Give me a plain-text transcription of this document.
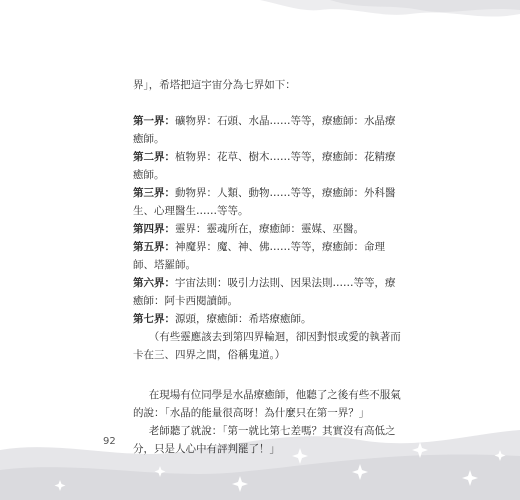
界」，希塔把這宇宙分為七界如下：

第一界：礦物界：石頭、水晶……等等，療癒師：水晶療癒師。

第二界：植物界：花草、樹木……等等，療癒師：花精療癒師。

第三界：動物界：人類、動物……等等，療癒師：外科醫生、心理醫生……等等。

第四界：靈界：靈魂所在，療癒師：靈媒、巫醫。

第五界：神魔界：魔、神、佛……等等，療癒師：命理師、塔羅師。

第六界：宇宙法則：吸引力法則、因果法則……等等，療癒師：阿卡西閱讀師。

第七界：源頭，療癒師：希塔療癒師。

（有些靈應該去到第四界輪迴，卻因對恨或愛的執著而卡在三、四界之間，俗稱鬼道。）

在現場有位同學是水晶療癒師，他聽了之後有些不服氣的說：「水晶的能量很高呀！為什麼只在第一界？」

老師聽了就說：「第一就比第七差嗎？其實沒有高低之分，只是人心中有評判罷了！」

92
